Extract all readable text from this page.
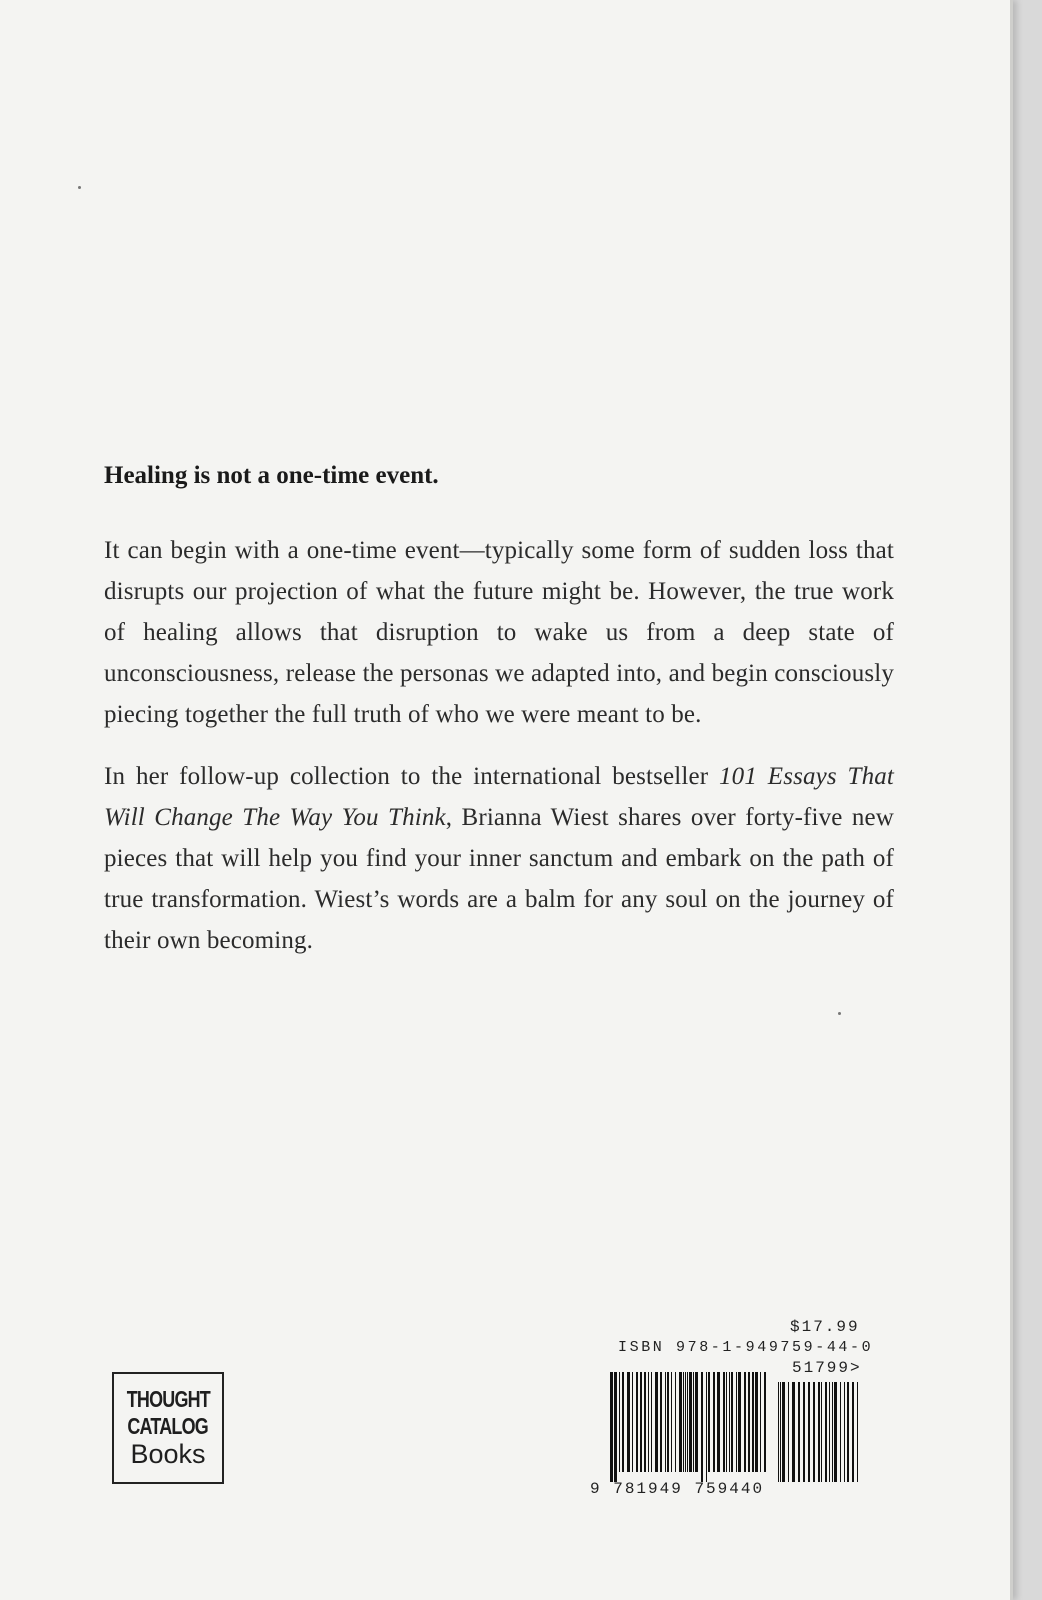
Healing is not a one-time event.

It can begin with a one-time event—typically some form of sudden loss that disrupts our projection of what the future might be. However, the true work of healing allows that disruption to wake us from a deep state of unconsciousness, release the personas we adapted into, and begin consciously piecing together the full truth of who we were meant to be.

In her follow-up collection to the international bestseller 101 Essays That Will Change The Way You Think, Brianna Wiest shares over forty-five new pieces that will help you find your inner sanctum and embark on the path of true transformation. Wiest’s words are a balm for any soul on the journey of their own becoming.

THOUGHT
CATALOG
Books
$17.99
ISBN 978-1-949759-44-0
51799>
9 781949 759440
